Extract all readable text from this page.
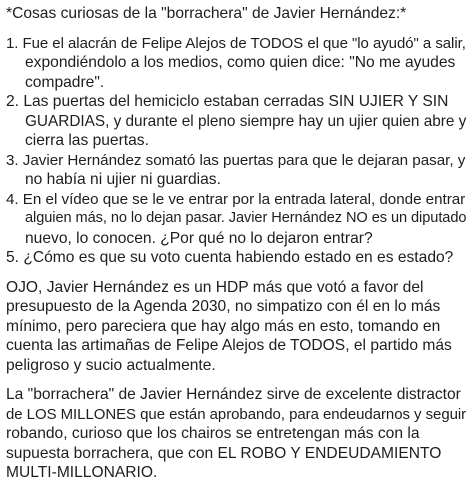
*Cosas curiosas de la "borrachera" de Javier Hernández:*
1. Fue el alacrán de Felipe Alejos de TODOS el que "lo ayudó" a salir,
expondiéndolo a los medios, como quien dice: "No me ayudes
compadre".
2. Las puertas del hemiciclo estaban cerradas SIN UJIER Y SIN
GUARDIAS, y durante el pleno siempre hay un ujier quien abre y
cierra las puertas.
3. Javier Hernández somató las puertas para que le dejaran pasar, y
no había ni ujier ni guardias.
4. En el vídeo que se le ve entrar por la entrada lateral, donde entrar
alguien más, no lo dejan pasar. Javier Hernández NO es un diputado
nuevo, lo conocen. ¿Por qué no lo dejaron entrar?
5. ¿Cómo es que su voto cuenta habiendo estado en es estado?
OJO, Javier Hernández es un HDP más que votó a favor del
presupuesto de la Agenda 2030, no simpatizo con él en lo más
mínimo, pero pareciera que hay algo más en esto, tomando en
cuenta las artimañas de Felipe Alejos de TODOS, el partido más
peligroso y sucio actualmente.
La "borrachera" de Javier Hernández sirve de excelente distractor
de LOS MILLONES que están aprobando, para endeudarnos y seguir
robando, curioso que los chairos se entretengan más con la
supuesta borrachera, que con EL ROBO Y ENDEUDAMIENTO
MULTI-MILLONARIO.
